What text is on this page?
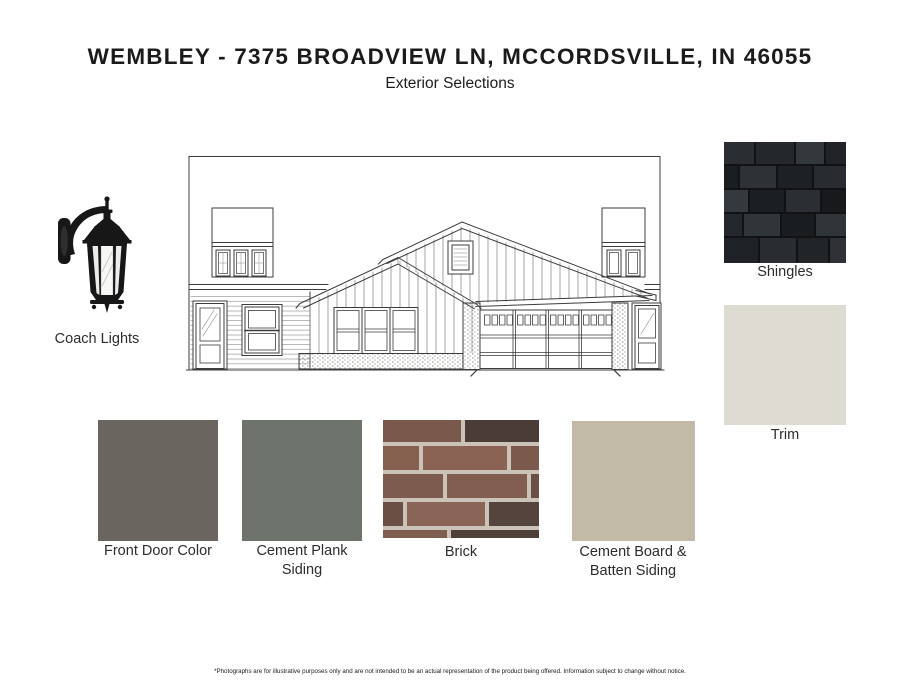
WEMBLEY - 7375 BROADVIEW LN, MCCORDSVILLE, IN 46055
Exterior Selections
Coach Lights
Shingles
Trim
Front Door Color	Cement Plank Siding
Brick	Cement Board & Batten Siding
*Photographs are for illustrative purposes only and are not intended to be an actual representation of the product being offered. Information subject to change without notice.
